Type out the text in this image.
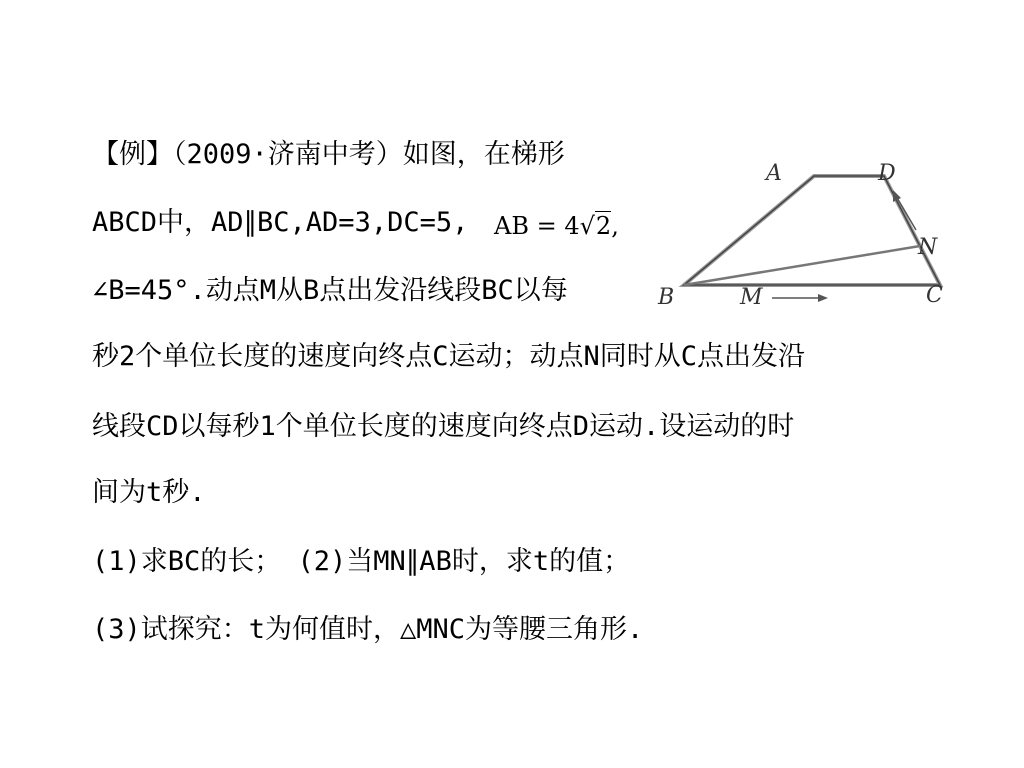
【例】（2009·济南中考）如图，在梯形
ABCD中，AD∥BC,AD=3,DC=5, AB = 4√2,
∠B=45°.动点M从B点出发沿线段BC以每
秒2个单位长度的速度向终点C运动；动点N同时从C点出发沿
线段CD以每秒1个单位长度的速度向终点D运动.设运动的时
间为t秒.
(1)求BC的长； (2)当MN∥AB时，求t的值；
(3)试探究：t为何值时，△MNC为等腰三角形.
A	D
N
B	M	C
